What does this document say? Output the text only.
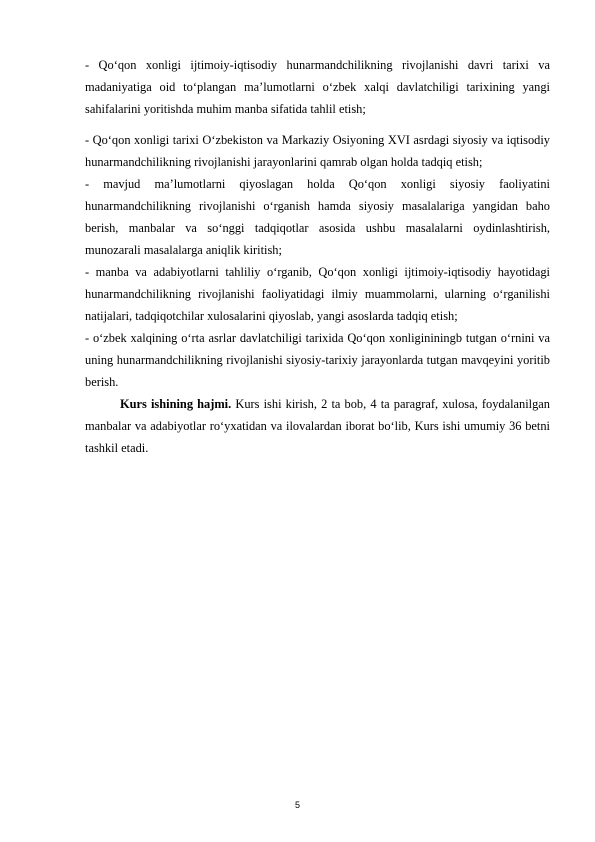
- Qo‘qon xonligi ijtimoiy-iqtisodiy hunarmandchilikning rivojlanishi davri tarixi va madaniyatiga oid to‘plangan ma’lumotlarni o‘zbek xalqi davlatchiligi tarixining yangi sahifalarini yoritishda muhim manba sifatida tahlil etish;

- Qo‘qon xonligi tarixi O‘zbekiston va Markaziy Osiyoning XVI asrdagi siyosiy va iqtisodiy hunarmandchilikning rivojlanishi jarayonlarini qamrab olgan holda tadqiq etish;

- mavjud ma’lumotlarni qiyoslagan holda Qo‘qon xonligi siyosiy faoliyatini hunarmandchilikning rivojlanishi o‘rganish hamda siyosiy masalalariga yangidan baho berish, manbalar va so‘nggi tadqiqotlar asosida ushbu masalalarni oydinlashtirish, munozarali masalalarga aniqlik kiritish;

- manba va adabiyotlarni tahliliy o‘rganib, Qo‘qon xonligi ijtimoiy-iqtisodiy hayotidagi hunarmandchilikning rivojlanishi faoliyatidagi ilmiy muammolarni, ularning o‘rganilishi natijalari, tadqiqotchilar xulosalarini qiyoslab, yangi asoslarda tadqiq etish;

- o‘zbek xalqining o‘rta asrlar davlatchiligi tarixida Qo‘qon xonligininingb tutgan o‘rnini va uning hunarmandchilikning rivojlanishi siyosiy-tarixiy jarayonlarda tutgan mavqeyini yoritib berish.

Kurs ishining hajmi. Kurs ishi kirish, 2 ta bob, 4 ta paragraf, xulosa, foydalanilgan manbalar va adabiyotlar ro‘yxatidan va ilovalardan iborat bo‘lib, Kurs ishi umumiy 36 betni tashkil etadi.

5
